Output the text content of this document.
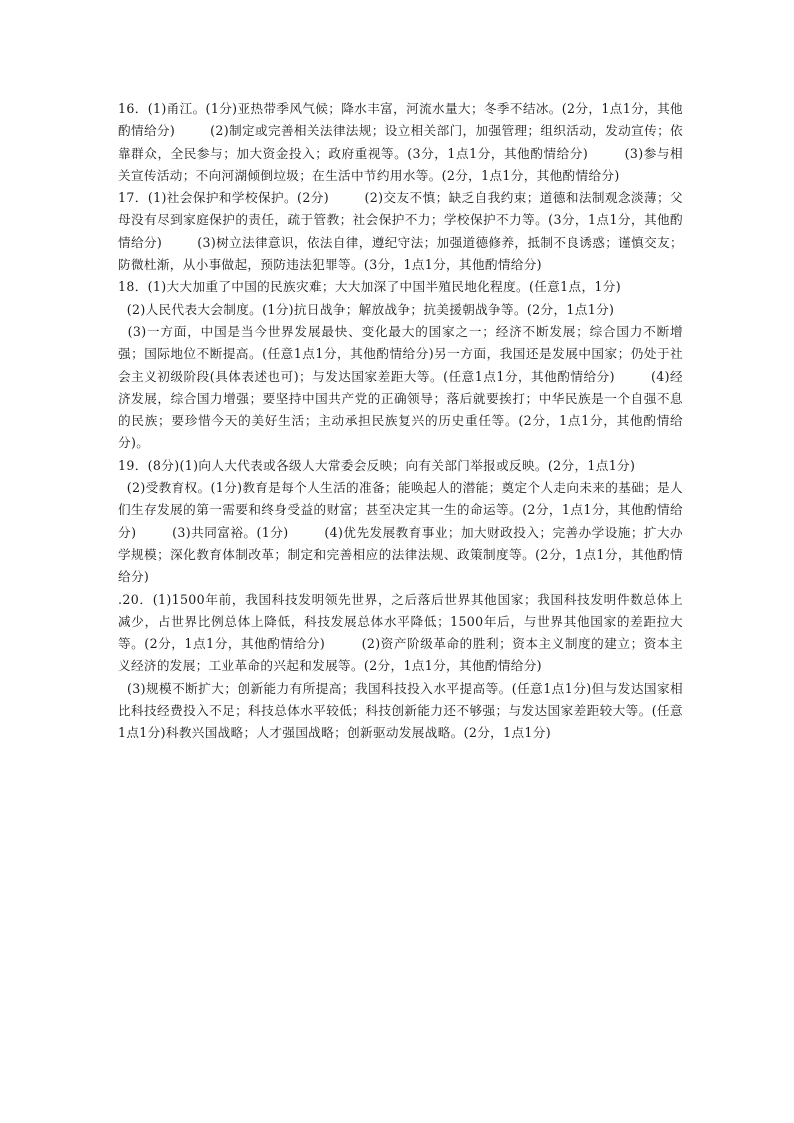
16．(1)甬江。(1分)亚热带季风气候；降水丰富，河流水量大；冬季不结冰。(2分，1点1分，其他酌情给分)        (2)制定或完善相关法律法规；设立相关部门，加强管理；组织活动，发动宣传；依靠群众，全民参与；加大资金投入；政府重视等。(3分，1点1分，其他酌情给分)        (3)参与相关宣传活动；不向河湖倾倒垃圾；在生活中节约用水等。(2分，1点1分，其他酌情给分)

17．(1)社会保护和学校保护。(2分)        (2)交友不慎；缺乏自我约束；道德和法制观念淡薄；父母没有尽到家庭保护的责任，疏于管教；社会保护不力；学校保护不力等。(3分，1点1分，其他酌情给分)        (3)树立法律意识，依法自律，遵纪守法；加强道德修养，抵制不良诱惑；谨慎交友；防微杜渐，从小事做起，预防违法犯罪等。(3分，1点1分，其他酌情给分)

18．(1)大大加重了中国的民族灾难；大大加深了中国半殖民地化程度。(任意1点，1分)

(2)人民代表大会制度。(1分)抗日战争；解放战争；抗美援朝战争等。(2分，1点1分)

(3)一方面，中国是当今世界发展最快、变化最大的国家之一；经济不断发展；综合国力不断增强；国际地位不断提高。(任意1点1分，其他酌情给分)另一方面，我国还是发展中国家；仍处于社会主义初级阶段(具体表述也可)；与发达国家差距大等。(任意1点1分，其他酌情给分)        (4)经济发展，综合国力增强；要坚持中国共产党的正确领导；落后就要挨打；中华民族是一个自强不息的民族；要珍惜今天的美好生活；主动承担民族复兴的历史重任等。(2分，1点1分，其他酌情给分)。

19．(8分)(1)向人大代表或各级人大常委会反映；向有关部门举报或反映。(2分，1点1分)

(2)受教育权。(1分)教育是每个人生活的准备；能唤起人的潜能；奠定个人走向未来的基础；是人们生存发展的第一需要和终身受益的财富；甚至决定其一生的命运等。(2分，1点1分，其他酌情给分)        (3)共同富裕。(1分)        (4)优先发展教育事业；加大财政投入；完善办学设施；扩大办学规模；深化教育体制改革；制定和完善相应的法律法规、政策制度等。(2分，1点1分，其他酌情给分)

.20．(1)1500年前，我国科技发明领先世界，之后落后世界其他国家；我国科技发明件数总体上减少，占世界比例总体上降低，科技发展总体水平降低；1500年后，与世界其他国家的差距拉大等。(2分，1点1分，其他酌情给分)        (2)资产阶级革命的胜利；资本主义制度的建立；资本主义经济的发展；工业革命的兴起和发展等。(2分，1点1分，其他酌情给分)

(3)规模不断扩大；创新能力有所提高；我国科技投入水平提高等。(任意1点1分)但与发达国家相比科技经费投入不足；科技总体水平较低；科技创新能力还不够强；与发达国家差距较大等。(任意1点1分)科教兴国战略；人才强国战略；创新驱动发展战略。(2分，1点1分)
